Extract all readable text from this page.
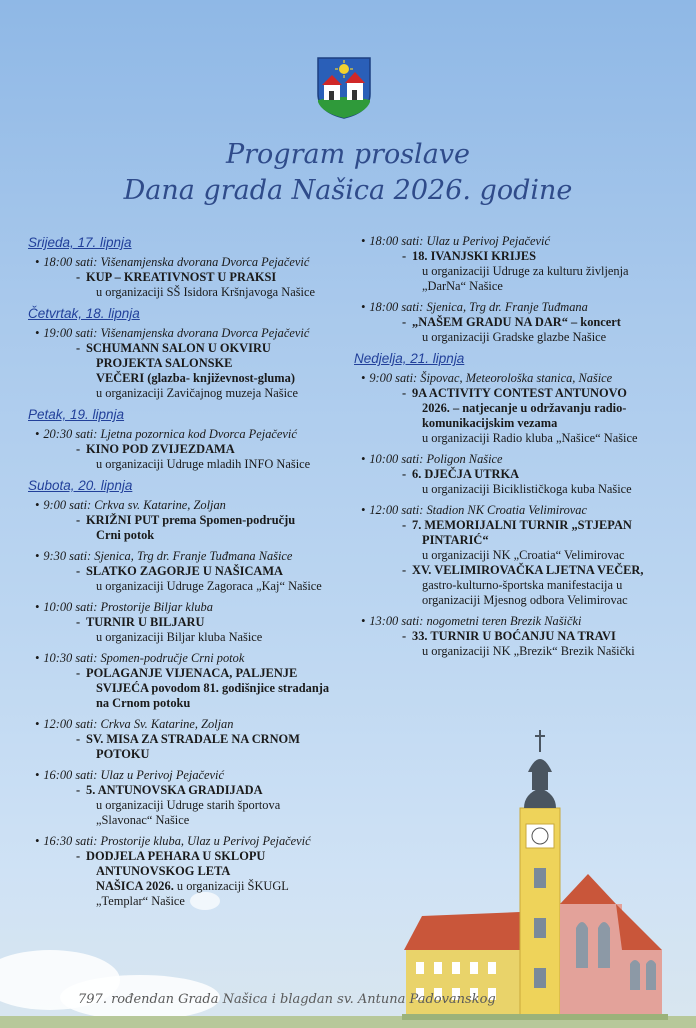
Program proslave
Dana grada Našica 2026. godine
Srijeda, 17. lipnja
• 18:00 sati: Višenamjenska dvorana Dvorca Pejačević
- KUP – KREATIVNOST U PRAKSI
u organizaciji SŠ Isidora Kršnjavoga Našice
Četvrtak, 18. lipnja
• 19:00 sati: Višenamjenska dvorana Dvorca Pejačević
- SCHUMANN SALON U OKVIRU
PROJEKTA SALONSKE
VEČERI (glazba- književnost-gluma)
u organizaciji Zavičajnog muzeja Našice
Petak, 19. lipnja
• 20:30 sati: Ljetna pozornica kod Dvorca Pejačević
- KINO POD ZVIJEZDAMA
u organizaciji Udruge mladih INFO Našice
Subota, 20. lipnja
• 9:00 sati: Crkva sv. Katarine, Zoljan
- KRIŽNI PUT prema Spomen-području
Crni potok
• 9:30 sati: Sjenica, Trg dr. Franje Tuđmana Našice
- SLATKO ZAGORJE U NAŠICAMA
u organizaciji Udruge Zagoraca „Kaj“ Našice
• 10:00 sati: Prostorije Biljar kluba
- TURNIR U BILJARU
u organizaciji Biljar kluba Našice
• 10:30 sati: Spomen-područje Crni potok
- POLAGANJE VIJENACA, PALJENJE
SVIJEĆA povodom 81. godišnjice stradanja
na Crnom potoku
• 12:00 sati: Crkva Sv. Katarine, Zoljan
- SV. MISA ZA STRADALE NA CRNOM
POTOKU
• 16:00 sati: Ulaz u Perivoj Pejačević
- 5. ANTUNOVSKA GRADIJADA
u organizaciji Udruge starih športova
„Slavonac“ Našice
• 16:30 sati: Prostorije kluba, Ulaz u Perivoj Pejačević
- DODJELA PEHARA U SKLOPU
ANTUNOVSKOG LETA
NAŠICA 2026. u organizaciji ŠKUGL
„Templar“ Našice
• 18:00 sati: Ulaz u Perivoj Pejačević
- 18. IVANJSKI KRIJES
u organizaciji Udruge za kulturu življenja
„DarNa“ Našice
• 18:00 sati: Sjenica, Trg dr. Franje Tuđmana
- „NAŠEM GRADU NA DAR“ – koncert
u organizaciji Gradske glazbe Našice
Nedjelja, 21. lipnja
• 9:00 sati: Šipovac, Meteorološka stanica, Našice
- 9A ACTIVITY CONTEST ANTUNOVO
2026. – natjecanje u održavanju radio-
komunikacijskim vezama
u organizaciji Radio kluba „Našice“ Našice
• 10:00 sati: Poligon Našice
- 6. DJEČJA UTRKA
u organizaciji Biciklističkoga kuba Našice
• 12:00 sati: Stadion NK Croatia Velimirovac
- 7. MEMORIJALNI TURNIR „STJEPAN
PINTARIĆ“
u organizaciji NK „Croatia“ Velimirovac
- XV. VELIMIROVAČKA LJETNA VEČER,
gastro-kulturno-športska manifestacija u
organizaciji Mjesnog odbora Velimirovac
• 13:00 sati: nogometni teren Brezik Našički
- 33. TURNIR U BOĆANJU NA TRAVI
u organizaciji NK „Brezik“ Brezik Našički
797. rođendan Grada Našica i blagdan sv. Antuna Padovanskog
